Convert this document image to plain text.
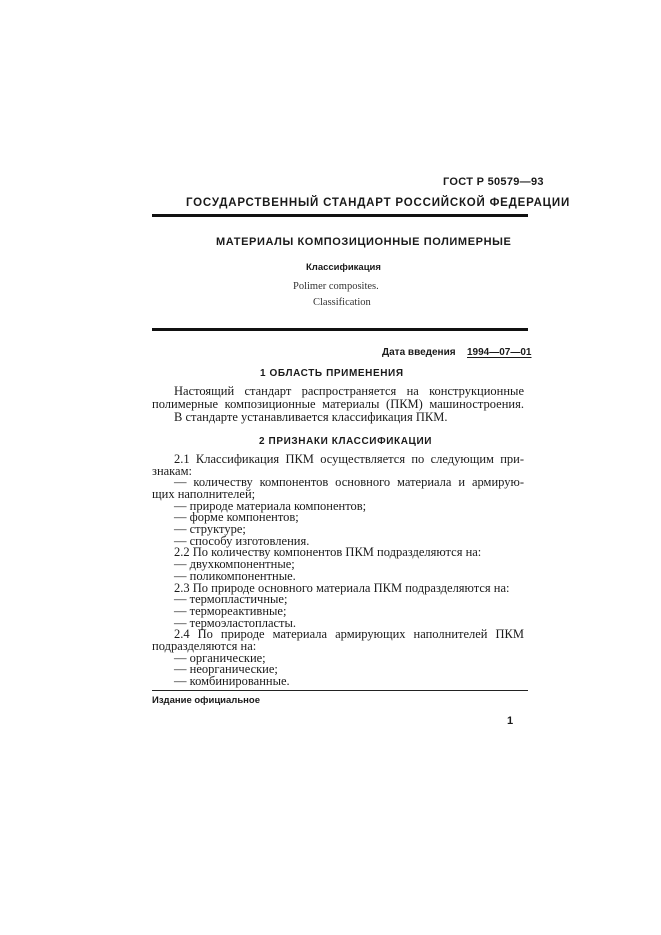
ГОСТ Р 50579—93
ГОСУДАРСТВЕННЫЙ СТАНДАРТ РОССИЙСКОЙ ФЕДЕРАЦИИ
МАТЕРИАЛЫ КОМПОЗИЦИОННЫЕ ПОЛИМЕРНЫЕ
Классификация
Polimer composites.
Classification
Дата введения 1994—07—01
1 ОБЛАСТЬ ПРИМЕНЕНИЯ
Настоящий стандарт распространяется на конструкционные
полимерные композиционные материалы (ПКМ) машиностроения.
В стандарте устанавливается классификация ПКМ.
2 ПРИЗНАКИ КЛАССИФИКАЦИИ
2.1 Классификация ПКМ осуществляется по следующим при-
знакам:
— количеству компонентов основного материала и армирую-
щих наполнителей;
— природе материала компонентов;
— форме компонентов;
— структуре;
— способу изготовления.
2.2 По количеству компонентов ПКМ подразделяются на:
— двухкомпонентные;
— поликомпонентные.
2.3 По природе основного материала ПКМ подразделяются на:
— термопластичные;
— термореактивные;
— термоэластопласты.
2.4 По природе материала армирующих наполнителей ПКМ
подразделяются на:
— органические;
— неорганические;
— комбинированные.
Издание официальное
1
